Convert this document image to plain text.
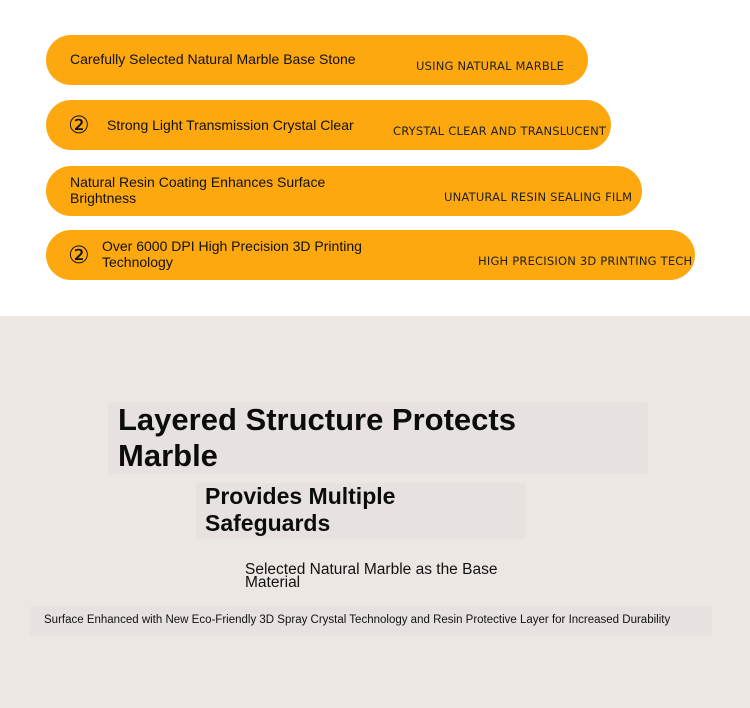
Carefully Selected Natural Marble Base Stone	USING NATURAL MARBLE
② Strong Light Transmission Crystal Clear	CRYSTAL CLEAR AND TRANSLUCENT
Natural Resin Coating Enhances Surface Brightness	UNATURAL RESIN SEALING FILM
② Over 6000 DPI High Precision 3D Printing Technology	HIGH PRECISION 3D PRINTING TECH
Layered Structure Protects Marble
Provides Multiple Safeguards
Selected Natural Marble as the Base Material
Surface Enhanced with New Eco-Friendly 3D Spray Crystal Technology and Resin Protective Layer for Increased Durability
